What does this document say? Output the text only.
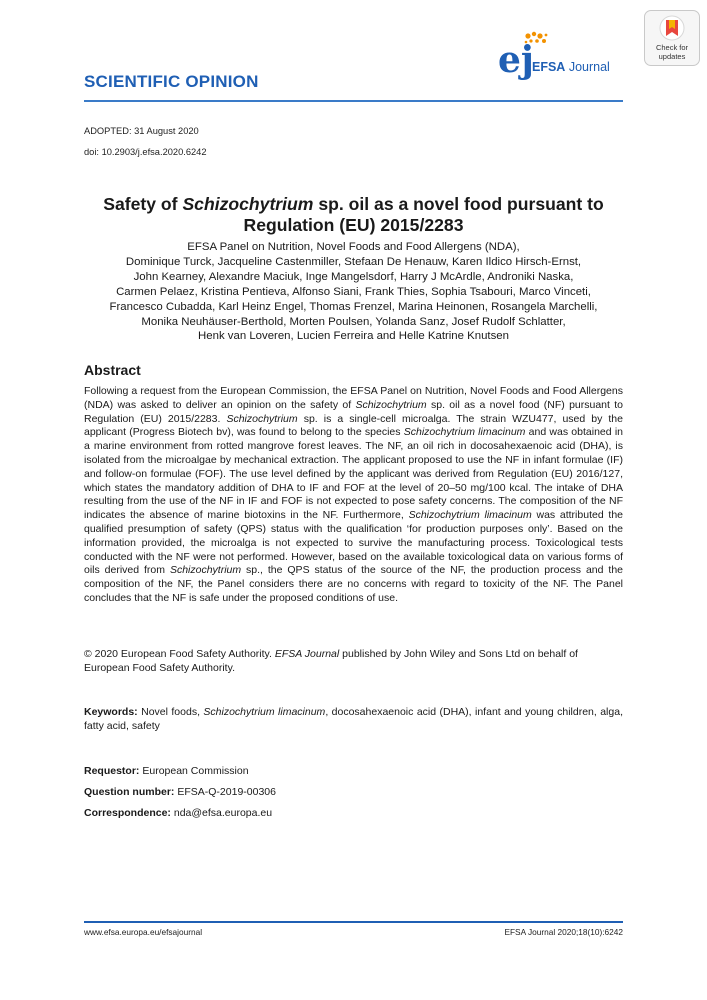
SCIENTIFIC OPINION
ej
EFSA Journal
Check for
updates
ADOPTED: 31 August 2020
doi: 10.2903/j.efsa.2020.6242
Safety of Schizochytrium sp. oil as a novel food pursuant to
Regulation (EU) 2015/2283
EFSA Panel on Nutrition, Novel Foods and Food Allergens (NDA),
Dominique Turck, Jacqueline Castenmiller, Stefaan De Henauw, Karen Ildico Hirsch-Ernst,
John Kearney, Alexandre Maciuk, Inge Mangelsdorf, Harry J McArdle, Androniki Naska,
Carmen Pelaez, Kristina Pentieva, Alfonso Siani, Frank Thies, Sophia Tsabouri, Marco Vinceti,
Francesco Cubadda, Karl Heinz Engel, Thomas Frenzel, Marina Heinonen, Rosangela Marchelli,
Monika Neuhäuser-Berthold, Morten Poulsen, Yolanda Sanz, Josef Rudolf Schlatter,
Henk van Loveren, Lucien Ferreira and Helle Katrine Knutsen
Abstract
Following a request from the European Commission, the EFSA Panel on Nutrition, Novel Foods and Food Allergens (NDA) was asked to deliver an opinion on the safety of Schizochytrium sp. oil as a novel food (NF) pursuant to Regulation (EU) 2015/2283. Schizochytrium sp. is a single-cell microalga. The strain WZU477, used by the applicant (Progress Biotech bv), was found to belong to the species Schizochytrium limacinum and was obtained in a marine environment from rotted mangrove forest leaves. The NF, an oil rich in docosahexaenoic acid (DHA), is isolated from the microalgae by mechanical extraction. The applicant proposed to use the NF in infant formulae (IF) and follow-on formulae (FOF). The use level defined by the applicant was derived from Regulation (EU) 2016/127, which states the mandatory addition of DHA to IF and FOF at the level of 20–50 mg/100 kcal. The intake of DHA resulting from the use of the NF in IF and FOF is not expected to pose safety concerns. The composition of the NF indicates the absence of marine biotoxins in the NF. Furthermore, Schizochytrium limacinum was attributed the qualified presumption of safety (QPS) status with the qualification ‘for production purposes only’. Based on the information provided, the microalga is not expected to survive the manufacturing process. Toxicological tests conducted with the NF were not performed. However, based on the available toxicological data on various forms of oils derived from Schizochytrium sp., the QPS status of the source of the NF, the production process and the composition of the NF, the Panel considers there are no concerns with regard to toxicity of the NF. The Panel concludes that the NF is safe under the proposed conditions of use.
© 2020 European Food Safety Authority. EFSA Journal published by John Wiley and Sons Ltd on behalf of European Food Safety Authority.
Keywords: Novel foods, Schizochytrium limacinum, docosahexaenoic acid (DHA), infant and young children, alga, fatty acid, safety
Requestor: European Commission
Question number: EFSA-Q-2019-00306
Correspondence: nda@efsa.europa.eu
www.efsa.europa.eu/efsajournal	EFSA Journal 2020;18(10):6242
